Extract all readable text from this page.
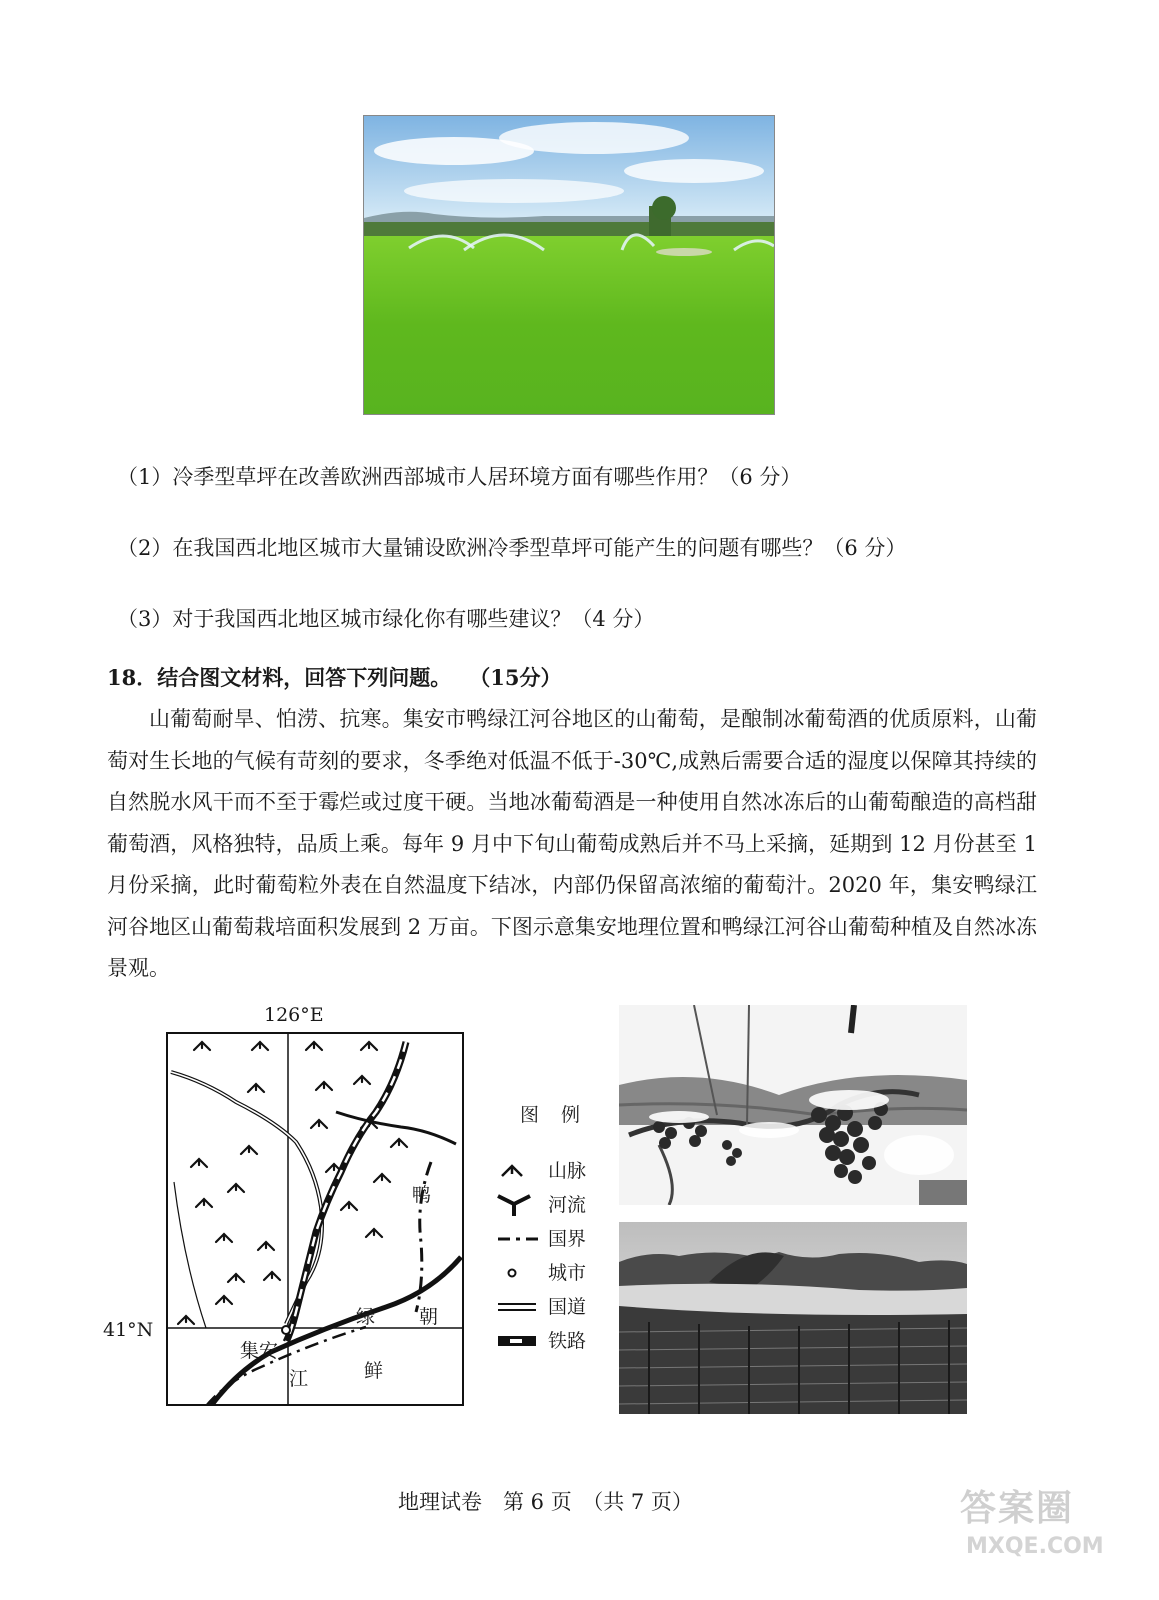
（1）冷季型草坪在改善欧洲西部城市人居环境方面有哪些作用？（6 分）
（2）在我国西北地区城市大量铺设欧洲冷季型草坪可能产生的问题有哪些？（6 分）
（3）对于我国西北地区城市绿化你有哪些建议？（4 分）
18．结合图文材料，回答下列问题。 （15分）

山葡萄耐旱、怕涝、抗寒。集安市鸭绿江河谷地区的山葡萄，是酿制冰葡萄酒的优质原料，山葡萄对生长地的气候有苛刻的要求，冬季绝对低温不低于-30℃,成熟后需要合适的湿度以保障其持续的自然脱水风干而不至于霉烂或过度干硬。当地冰葡萄酒是一种使用自然冰冻后的山葡萄酿造的高档甜葡萄酒，风格独特，品质上乘。每年 9 月中下旬山葡萄成熟后并不马上采摘，延期到 12 月份甚至 1 月份采摘，此时葡萄粒外表在自然温度下结冰，内部仍保留高浓缩的葡萄汁。2020 年，集安鸭绿江河谷地区山葡萄栽培面积发展到 2 万亩。下图示意集安地理位置和鸭绿江河谷山葡萄种植及自然冰冻景观。

126°E
41°N
鸭
绿 朝
集安
江	鲜
图 例
山脉
河流
国界
城市
国道
铁路
地理试卷　第 6 页　（共 7 页）	答案圈
MXQE.COM
